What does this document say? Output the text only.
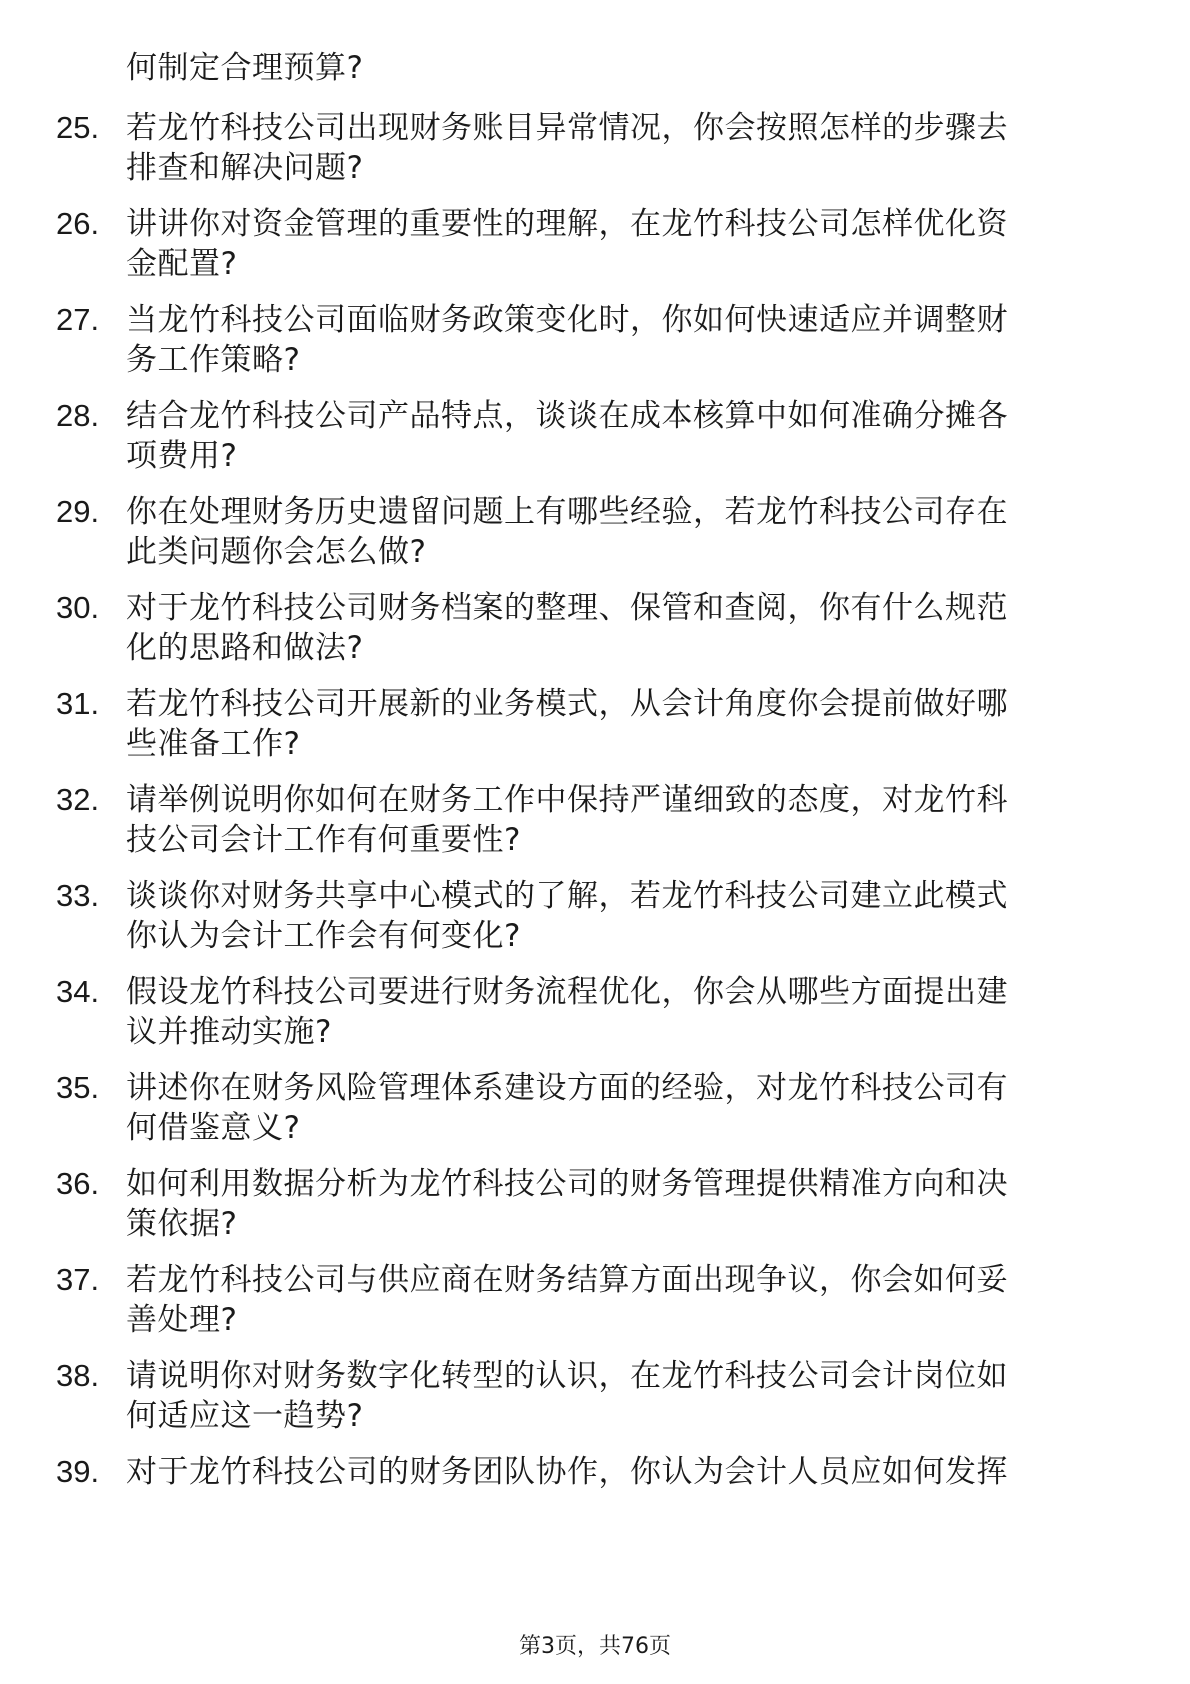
何制定合理预算?
25. 若龙竹科技公司出现财务账目异常情况，你会按照怎样的步骤去
排查和解决问题?
26. 讲讲你对资金管理的重要性的理解，在龙竹科技公司怎样优化资
金配置?
27. 当龙竹科技公司面临财务政策变化时，你如何快速适应并调整财
务工作策略?
28. 结合龙竹科技公司产品特点，谈谈在成本核算中如何准确分摊各
项费用?
29. 你在处理财务历史遗留问题上有哪些经验，若龙竹科技公司存在
此类问题你会怎么做?
30. 对于龙竹科技公司财务档案的整理、保管和查阅，你有什么规范
化的思路和做法?
31. 若龙竹科技公司开展新的业务模式，从会计角度你会提前做好哪
些准备工作?
32. 请举例说明你如何在财务工作中保持严谨细致的态度，对龙竹科
技公司会计工作有何重要性?
33. 谈谈你对财务共享中心模式的了解，若龙竹科技公司建立此模式
你认为会计工作会有何变化?
34. 假设龙竹科技公司要进行财务流程优化，你会从哪些方面提出建
议并推动实施?
35. 讲述你在财务风险管理体系建设方面的经验，对龙竹科技公司有
何借鉴意义?
36. 如何利用数据分析为龙竹科技公司的财务管理提供精准方向和决
策依据?
37. 若龙竹科技公司与供应商在财务结算方面出现争议，你会如何妥
善处理?
38. 请说明你对财务数字化转型的认识，在龙竹科技公司会计岗位如
何适应这一趋势?
39. 对于龙竹科技公司的财务团队协作，你认为会计人员应如何发挥
第3页，共76页
